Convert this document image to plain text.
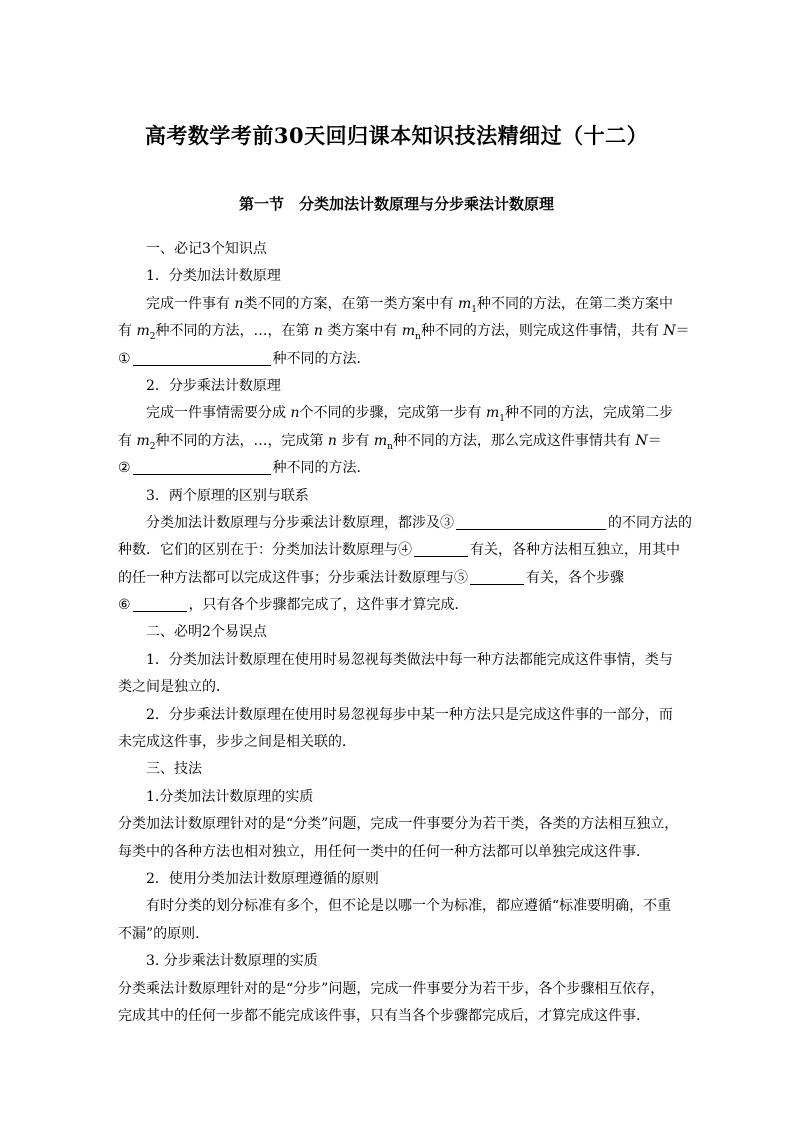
高考数学考前30天回归课本知识技法精细过（十二）
第一节　分类加法计数原理与分步乘法计数原理
一、必记3个知识点
1．分类加法计数原理
完成一件事有 n类不同的方案，在第一类方案中有 $m_1$种不同的方法，在第二类方案中
有 $m_2$种不同的方法，…，在第 n 类方案中有 $m_n$种不同的方法，则完成这件事情，共有 N＝
①	种不同的方法．
2．分步乘法计数原理
完成一件事情需要分成 n个不同的步骤，完成第一步有 $m_1$种不同的方法，完成第二步
有 $m_2$种不同的方法，…，完成第 n 步有 $m_n$种不同的方法，那么完成这件事情共有 N＝
②	种不同的方法．
3．两个原理的区别与联系
分类加法计数原理与分步乘法计数原理，都涉及③	的不同方法的
种数．它们的区别在于：分类加法计数原理与④	有关，各种方法相互独立，用其中
的任一种方法都可以完成这件事；分步乘法计数原理与⑤	有关，各个步骤
⑥	，只有各个步骤都完成了，这件事才算完成．
二、必明2个易误点
1．分类加法计数原理在使用时易忽视每类做法中每一种方法都能完成这件事情，类与
类之间是独立的．
2．分步乘法计数原理在使用时易忽视每步中某一种方法只是完成这件事的一部分，而
未完成这件事，步步之间是相关联的．
三、技法
1.分类加法计数原理的实质
分类加法计数原理针对的是“分类”问题，完成一件事要分为若干类，各类的方法相互独立，
每类中的各种方法也相对独立，用任何一类中的任何一种方法都可以单独完成这件事．
2．使用分类加法计数原理遵循的原则
有时分类的划分标准有多个，但不论是以哪一个为标准，都应遵循“标准要明确，不重
不漏”的原则.
3. 分步乘法计数原理的实质
分类乘法计数原理针对的是“分步”问题，完成一件事要分为若干步，各个步骤相互依存，
完成其中的任何一步都不能完成该件事，只有当各个步骤都完成后，才算完成这件事．
